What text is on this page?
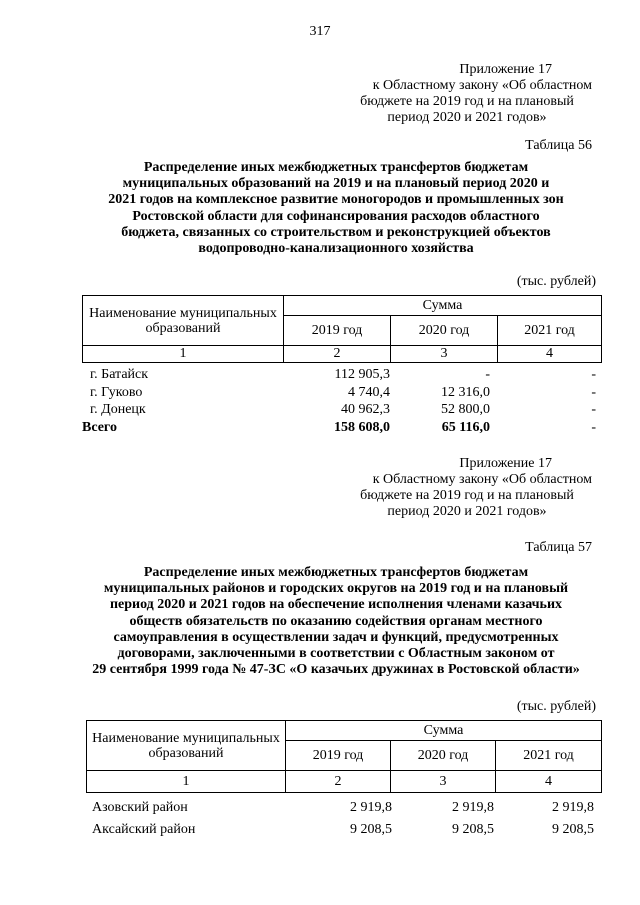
317
Приложение 17
к Областному закону «Об областном
бюджете на 2019 год и на плановый
период 2020 и 2021 годов»
Таблица 56
Распределение иных межбюджетных трансфертов бюджетам
муниципальных образований на 2019 и на плановый период 2020 и
2021 годов на комплексное развитие моногородов и промышленных зон
Ростовской области для софинансирования расходов областного
бюджета, связанных со строительством и реконструкцией объектов
водопроводно-канализационного хозяйства
(тыс. рублей)
Наименование муниципальных образований	Сумма		
	2019 год	2020 год	2021 год
1	2	3	4
г. Батайск	112 905,3	-	-
г. Гуково	4 740,4	12 316,0	-
г. Донецк	40 962,3	52 800,0	-
Всего	158 608,0	65 116,0	-
Приложение 17
к Областному закону «Об областном
бюджете на 2019 год и на плановый
период 2020 и 2021 годов»
Таблица 57
Распределение иных межбюджетных трансфертов бюджетам
муниципальных районов и городских округов на 2019 год и на плановый
период 2020 и 2021 годов на обеспечение исполнения членами казачьих
обществ обязательств по оказанию содействия органам местного
самоуправления в осуществлении задач и функций, предусмотренных
договорами, заключенными в соответствии с Областным законом от
29 сентября 1999 года № 47-ЗС «О казачьих дружинах в Ростовской области»
(тыс. рублей)
Наименование муниципальных образований	Сумма		
	2019 год	2020 год	2021 год
1	2	3	4
Азовский район	2 919,8	2 919,8	2 919,8
Аксайский район	9 208,5	9 208,5	9 208,5
